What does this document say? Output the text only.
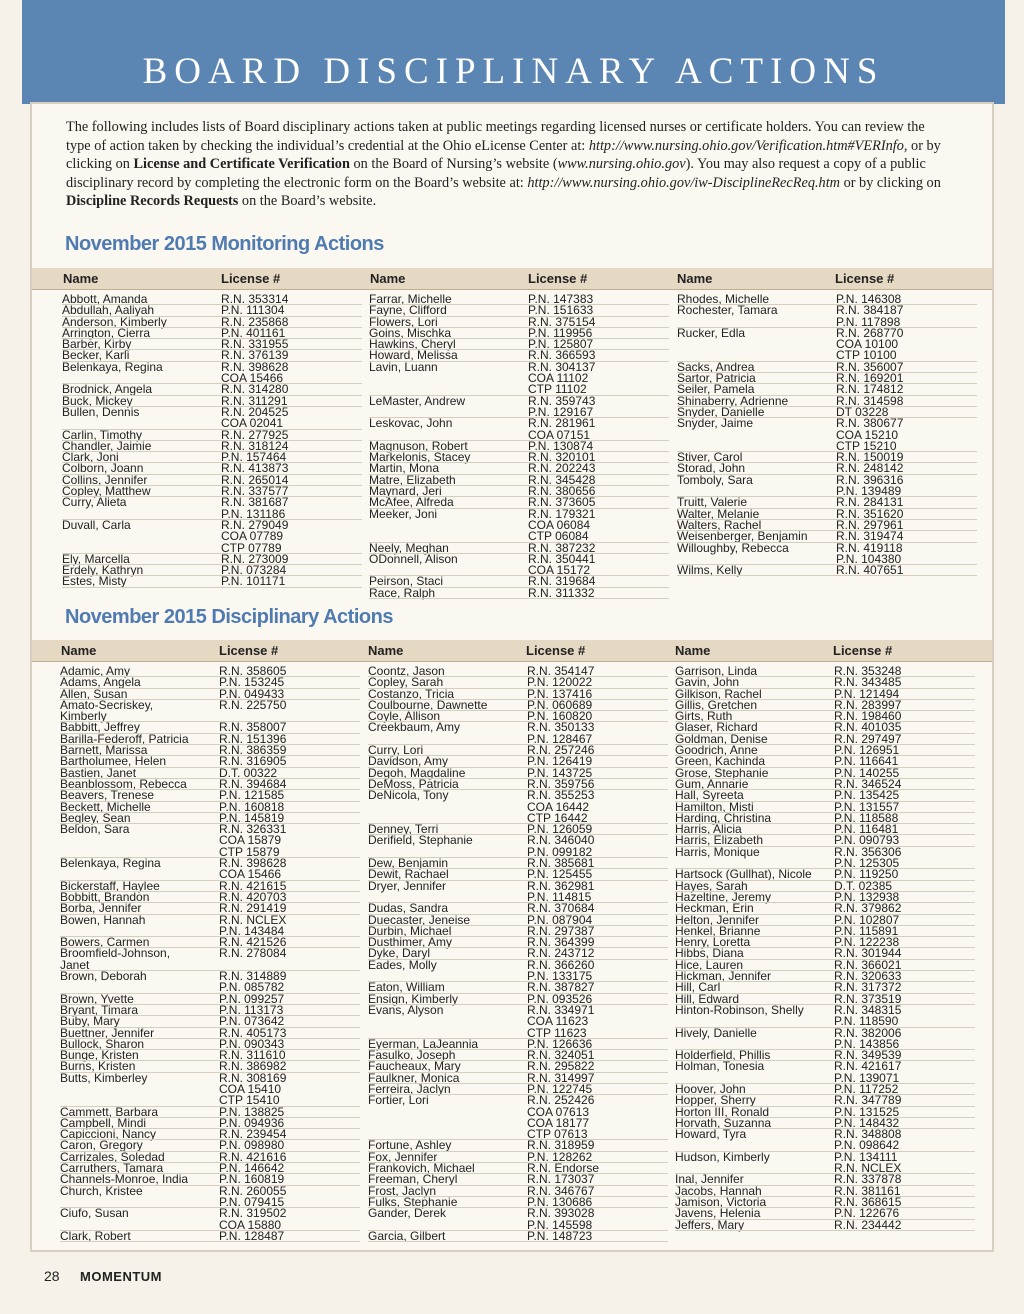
BOARD DISCIPLINARY ACTIONS
The following includes lists of Board disciplinary actions taken at public meetings regarding licensed nurses or certificate holders. You can review the type of action taken by checking the individual’s credential at the Ohio eLicense Center at: http://www.nursing.ohio.gov/Verification.htm#VERInfo, or by clicking on License and Certificate Verification on the Board of Nursing’s website (www.nursing.ohio.gov). You may also request a copy of a public disciplinary record by completing the electronic form on the Board’s website at: http://www.nursing.ohio.gov/iw-DisciplineRecReq.htm or by clicking on Discipline Records Requests on the Board’s website.
November 2015 Monitoring Actions
Name	License #	Name	License #	Name	License #
Abbott, Amanda	R.N. 353314
Abdullah, Aaliyah	P.N. 111304
Anderson, Kimberly	R.N. 235868
Arrington, Cierra	P.N. 401161
Barber, Kirby	R.N. 331955
Becker, Karli	R.N. 376139
Belenkaya, Regina	R.N. 398628
COA 15466
Brodnick, Angela	R.N. 314280
Buck, Mickey	R.N. 311291
Bullen, Dennis	R.N. 204525
COA 02041
Carlin, Timothy	R.N. 277925
Chandler, Jaimie	R.N. 318124
Clark, Joni	P.N. 157464
Colborn, Joann	R.N. 413873
Collins, Jennifer	R.N. 265014
Copley, Matthew	R.N. 337577
Curry, Alieta	R.N. 381687
P.N. 131186
Duvall, Carla	R.N. 279049
COA 07789
CTP 07789
Ely, Marcella	R.N. 273009
Erdely, Kathryn	P.N. 073284
Estes, Misty	P.N. 101171
Farrar, Michelle	P.N. 147383
Fayne, Clifford	P.N. 151633
Flowers, Lori	R.N. 375154
Goins, Mischka	P.N. 119956
Hawkins, Cheryl	P.N. 125807
Howard, Melissa	R.N. 366593
Lavin, Luann	R.N. 304137
COA 11102
CTP 11102
LeMaster, Andrew	R.N. 359743
P.N. 129167
Leskovac, John	R.N. 281961
COA 07151
Magnuson, Robert	P.N. 130874
Markelonis, Stacey	R.N. 320101
Martin, Mona	R.N. 202243
Matre, Elizabeth	R.N. 345428
Maynard, Jeri	R.N. 380656
McAfee, Alfreda	R.N. 373605
Meeker, Joni	R.N. 179321
COA 06084
CTP 06084
Neely, Meghan	R.N. 387232
ODonnell, Alison	R.N. 350441
COA 15172
Peirson, Staci	R.N. 319684
Race, Ralph	R.N. 311332
Rhodes, Michelle	P.N. 146308
Rochester, Tamara	R.N. 384187
P.N. 117898
Rucker, Edla	R.N. 268770
COA 10100
CTP 10100
Sacks, Andrea	R.N. 356007
Sartor, Patricia	R.N. 169201
Seiler, Pamela	R.N. 174812
Shinaberry, Adrienne	R.N. 314598
Snyder, Danielle	DT 03228
Snyder, Jaime	R.N. 380677
COA 15210
CTP 15210
Stiver, Carol	R.N. 150019
Storad, John	R.N. 248142
Tomboly, Sara	R.N. 396316
P.N. 139489
Truitt, Valerie	R.N. 284131
Walter, Melanie	R.N. 351620
Walters, Rachel	R.N. 297961
Weisenberger, Benjamin R.N. 319474
Willoughby, Rebecca	R.N. 419118
P.N. 104380
Wilms, Kelly	R.N. 407651
November 2015 Disciplinary Actions
Name	License #	Name	License #	Name	License #
Adamic, Amy	R.N. 358605
Adams, Angela	P.N. 153245
Allen, Susan	P.N. 049433
Amato-Secriskey,	R.N. 225750
Kimberly
Babbitt, Jeffrey	R.N. 358007
Barilla-Federoff, Patricia	R.N. 151396
Barnett, Marissa	R.N. 386359
Bartholumee, Helen	R.N. 316905
Bastien, Janet	D.T. 00322
Beanblossom, Rebecca	R.N. 394684
Beavers, Trenese	P.N. 121585
Beckett, Michelle	P.N. 160818
Begley, Sean	P.N. 145819
Beldon, Sara	R.N. 326331
COA 15879
CTP 15879
Belenkaya, Regina	R.N. 398628
COA 15466
Bickerstaff, Haylee	R.N. 421615
Bobbitt, Brandon	R.N. 420703
Borba, Jennifer	R.N. 291419
Bowen, Hannah	R.N. NCLEX
P.N. 143484
Bowers, Carmen	R.N. 421526
Broomfield-Johnson,	R.N. 278084
Janet
Brown, Deborah	R.N. 314889
P.N. 085782
Brown, Yvette	P.N. 099257
Bryant, Timara	P.N. 113173
Buby, Mary	P.N. 073642
Buettner, Jennifer	R.N. 405173
Bullock, Sharon	P.N. 090343
Bunge, Kristen	R.N. 311610
Burns, Kristen	R.N. 386982
Butts, Kimberley	R.N. 308169
COA 15410
CTP 15410
Cammett, Barbara	P.N. 138825
Campbell, Mindi	P.N. 094936
Capiccioni, Nancy	R.N. 239454
Caron, Gregory	P.N. 098980
Carrizales, Soledad	R.N. 421616
Carruthers, Tamara	P.N. 146642
Channels-Monroe, India	P.N. 160819
Church, Kristee	R.N. 260055
P.N. 079415
Ciufo, Susan	R.N. 319502
COA 15880
Clark, Robert	P.N. 128487
Coontz, Jason	R.N. 354147
Copley, Sarah	P.N. 120022
Costanzo, Tricia	P.N. 137416
Coulbourne, Dawnette	P.N. 060689
Coyle, Allison	P.N. 160820
Creekbaum, Amy	R.N. 350133
P.N. 128467
Curry, Lori	R.N. 257246
Davidson, Amy	P.N. 126419
Degoh, Magdaline	P.N. 143725
DeMoss, Patricia	R.N. 359756
DeNicola, Tony	R.N. 355253
COA 16442
CTP 16442
Denney, Terri	P.N. 126059
Derifield, Stephanie	R.N. 346040
P.N. 099182
Dew, Benjamin	R.N. 385681
Dewit, Rachael	P.N. 125455
Dryer, Jennifer	R.N. 362981
P.N. 114815
Dudas, Sandra	R.N. 370684
Duecaster, Jeneise	P.N. 087904
Durbin, Michael	R.N. 297387
Dusthimer, Amy	R.N. 364399
Dyke, Daryl	R.N. 243712
Eades, Molly	R.N. 366260
P.N. 133175
Eaton, William	R.N. 387827
Ensign, Kimberly	P.N. 093526
Evans, Alyson	R.N. 334971
COA 11623
CTP 11623
Eyerman, LaJeannia	P.N. 126636
Fasulko, Joseph	R.N. 324051
Faucheaux, Mary	R.N. 295822
Faulkner, Monica	R.N. 314997
Ferreira, Jaclyn	P.N. 122745
Fortier, Lori	R.N. 252426
COA 07613
COA 18177
CTP 07613
Fortune, Ashley	R.N. 318959
Fox, Jennifer	P.N. 128262
Frankovich, Michael	R.N. Endorse
Freeman, Cheryl	R.N. 173037
Frost, Jaclyn	R.N. 346767
Fulks, Stephanie	P.N. 130686
Gander, Derek	R.N. 393028
P.N. 145598
Garcia, Gilbert	P.N. 148723
Garrison, Linda	R.N. 353248
Gavin, John	R.N. 343485
Gilkison, Rachel	P.N. 121494
Gillis, Gretchen	R.N. 283997
Girts, Ruth	R.N. 198460
Glaser, Richard	R.N. 401035
Goldman, Denise	R.N. 297497
Goodrich, Anne	P.N. 126951
Green, Kachinda	P.N. 116641
Grose, Stephanie	P.N. 140255
Gum, Annarie	R.N. 346524
Hall, Syreeta	P.N. 135425
Hamilton, Misti	P.N. 131557
Harding, Christina	P.N. 118588
Harris, Alicia	P.N. 116481
Harris, Elizabeth	P.N. 090793
Harris, Monique	R.N. 356306
P.N. 125305
Hartsock (Gullhat), Nicole P.N. 119250
Hayes, Sarah	D.T. 02385
Hazeltine, Jeremy	P.N. 132938
Heckman, Erin	R.N. 379862
Helton, Jennifer	P.N. 102807
Henkel, Brianne	P.N. 115891
Henry, Loretta	P.N. 122238
Hibbs, Diana	R.N. 301944
Hice, Lauren	R.N. 366021
Hickman, Jennifer	R.N. 320633
Hill, Carl	R.N. 317372
Hill, Edward	R.N. 373519
Hinton-Robinson, Shelly	R.N. 348315
P.N. 118590
Hively, Danielle	R.N. 382006
P.N. 143856
Holderfield, Phillis	R.N. 349539
Holman, Tonesia	R.N. 421617
P.N. 139071
Hoover, John	P.N. 117252
Hopper, Sherry	R.N. 347789
Horton III, Ronald	P.N. 131525
Horvath, Suzanna	P.N. 148432
Howard, Tyra	R.N. 348808
P.N. 098642
Hudson, Kimberly	P.N. 134111
R.N. NCLEX
Inal, Jennifer	R.N. 337878
Jacobs, Hannah	R.N. 381161
Jamison, Victoria	R.N. 368615
Javens, Helenia	P.N. 122676
Jeffers, Mary	R.N. 234442
28 MOMENTUM
